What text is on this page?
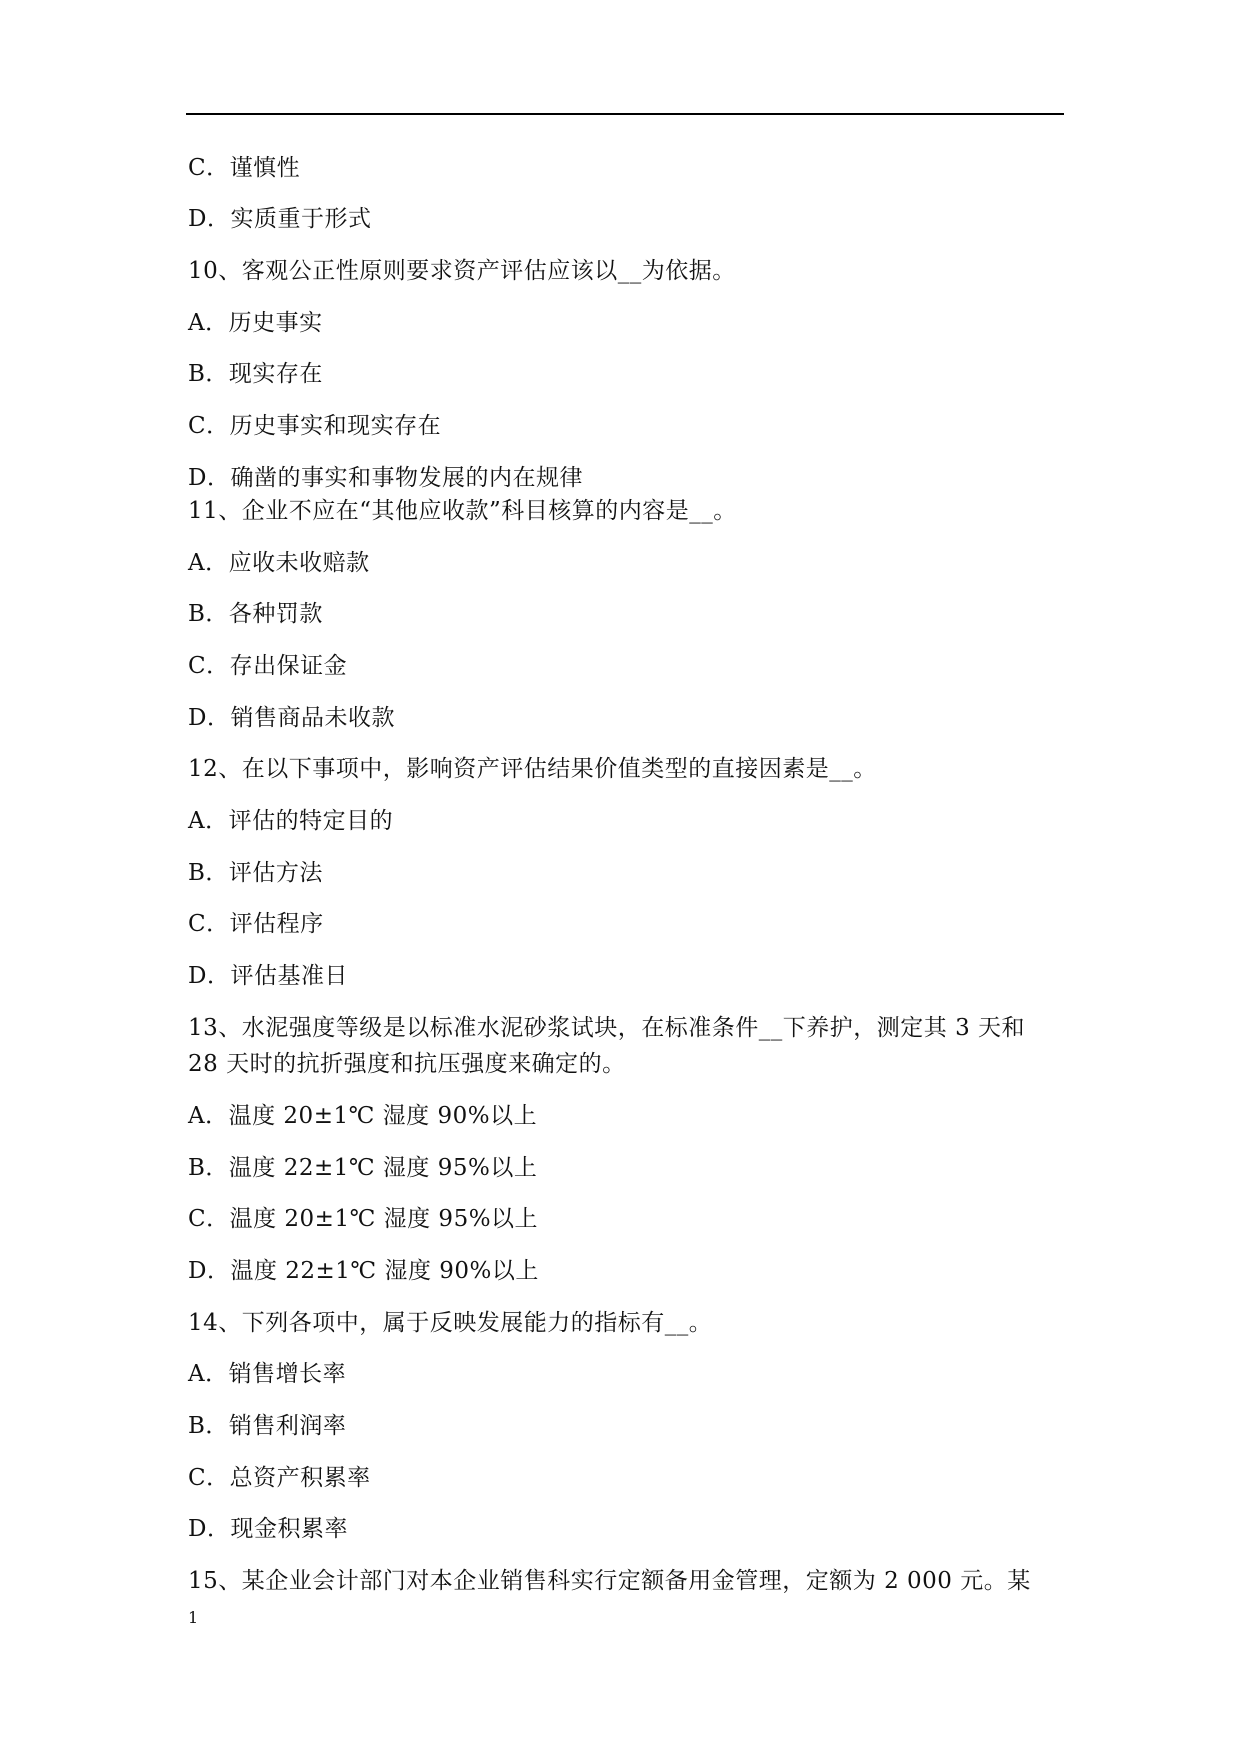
C．谨慎性
D．实质重于形式
10、客观公正性原则要求资产评估应该以__为依据。
A．历史事实
B．现实存在
C．历史事实和现实存在
D．确凿的事实和事物发展的内在规律
11、企业不应在“其他应收款”科目核算的内容是__。
A．应收未收赔款
B．各种罚款
C．存出保证金
D．销售商品未收款
12、在以下事项中，影响资产评估结果价值类型的直接因素是__。
A．评估的特定目的
B．评估方法
C．评估程序
D．评估基准日
13、水泥强度等级是以标准水泥砂浆试块，在标准条件__下养护，测定其 3 天和
28 天时的抗折强度和抗压强度来确定的。
A．温度 20±1℃ 湿度 90%以上
B．温度 22±1℃ 湿度 95%以上
C．温度 20±1℃ 湿度 95%以上
D．温度 22±1℃ 湿度 90%以上
14、下列各项中，属于反映发展能力的指标有__。
A．销售增长率
B．销售利润率
C．总资产积累率
D．现金积累率
15、某企业会计部门对本企业销售科实行定额备用金管理，定额为 2 000 元。某
1
